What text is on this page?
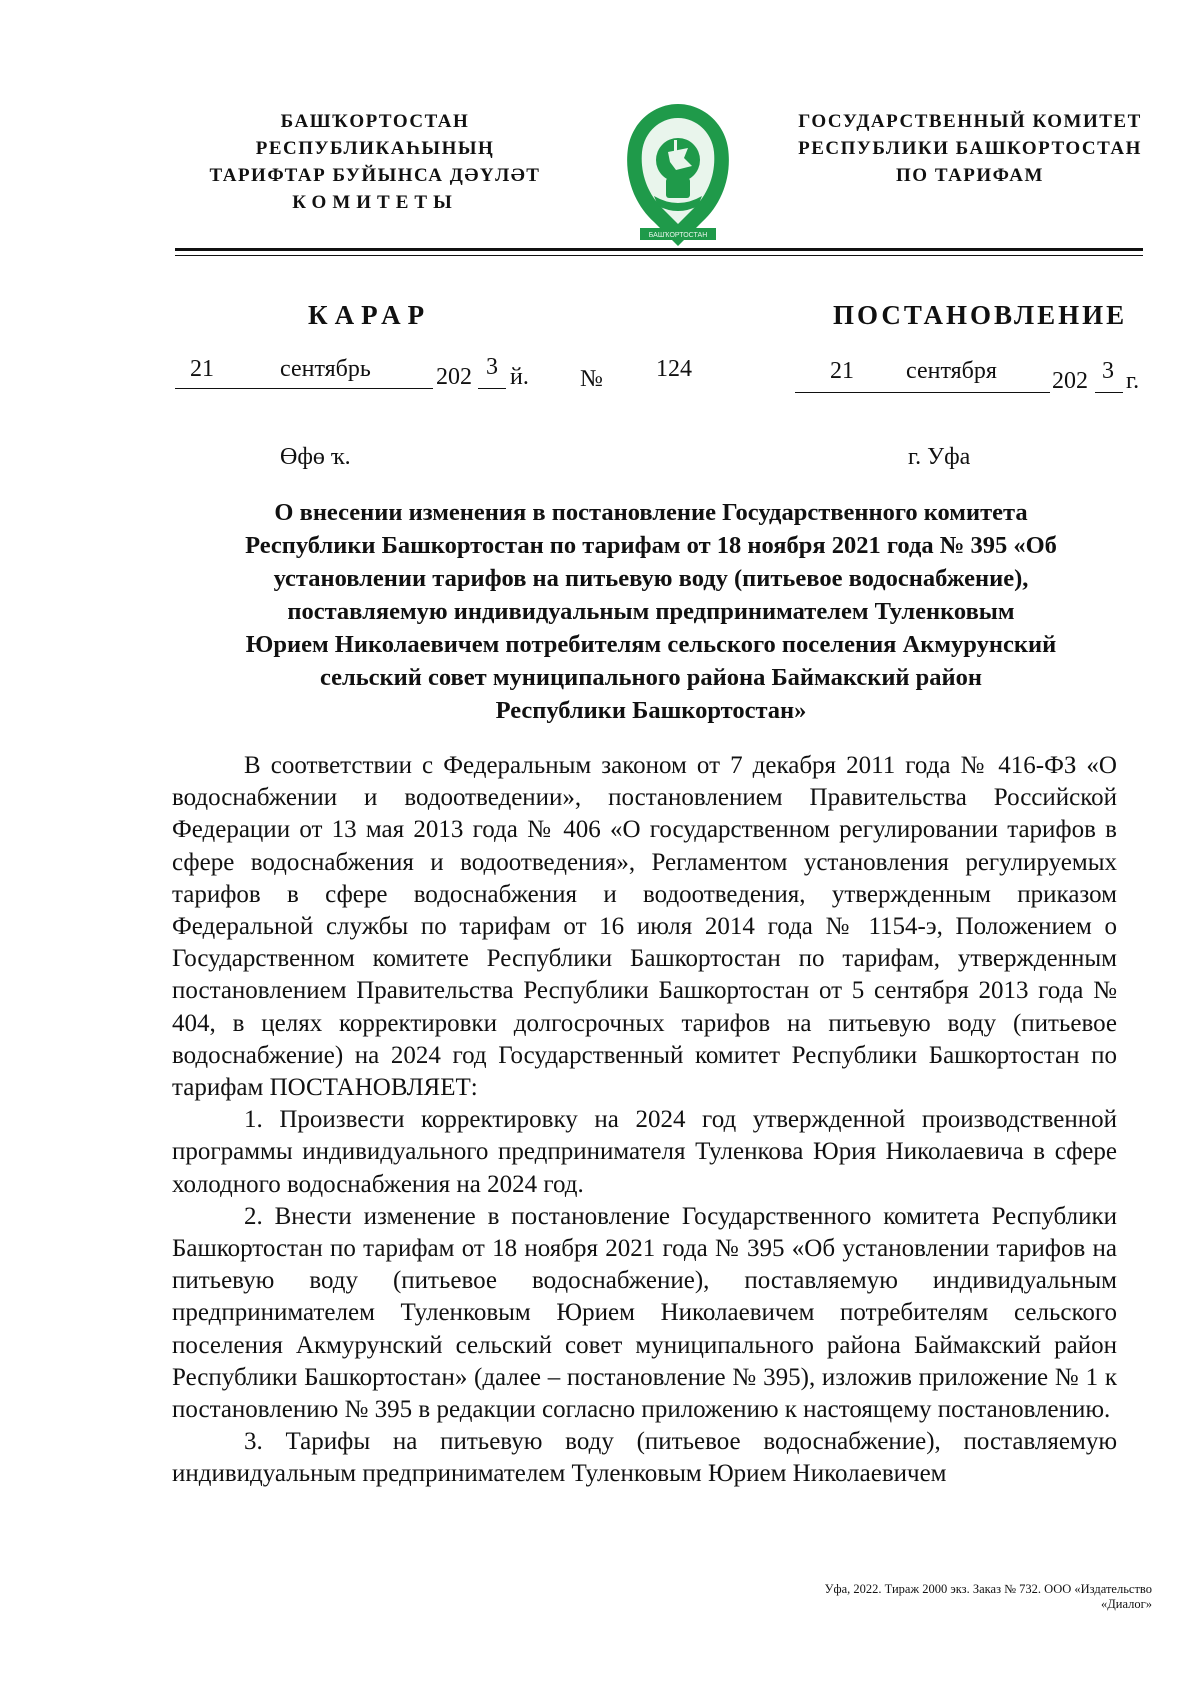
БАШҠОРТОСТАН РЕСПУБЛИКАҺЫНЫҢ
ТАРИФТАР БУЙЫНСА ДӘҮЛӘТ
КОМИТЕТЫ
БАШҠОРТОСТАН
ГОСУДАРСТВЕННЫЙ КОМИТЕТ
РЕСПУБЛИКИ БАШКОРТОСТАН
ПО ТАРИФАМ
КАРАР	ПОСТАНОВЛЕНИЕ
21	сентябрь	202 3 й. № 124	21 сентября 202 3 г.
Өфө ҡ.	г. Уфа
О внесении изменения в постановление Государственного комитета
Республики Башкортостан по тарифам от 18 ноября 2021 года № 395 «Об
установлении тарифов на питьевую воду (питьевое водоснабжение),
поставляемую индивидуальным предпринимателем Туленковым
Юрием Николаевичем потребителям сельского поселения Акмурунский
сельский совет муниципального района Баймакский район
Республики Башкортостан»

В соответствии с Федеральным законом от 7 декабря 2011 года № 416-ФЗ «О водоснабжении и водоотведении», постановлением Правительства Российской Федерации от 13 мая 2013 года № 406 «О государственном регулировании тарифов в сфере водоснабжения и водоотведения», Регламентом установления регулируемых тарифов в сфере водоснабжения и водоотведения, утвержденным приказом Федеральной службы по тарифам от 16 июля 2014 года № 1154-э, Положением о Государственном комитете Республики Башкортостан по тарифам, утвержденным постановлением Правительства Республики Башкортостан от 5 сентября 2013 года № 404, в целях корректировки долгосрочных тарифов на питьевую воду (питьевое водоснабжение) на 2024 год Государственный комитет Республики Башкортостан по тарифам ПОСТАНОВЛЯЕТ:

1. Произвести корректировку на 2024 год утвержденной производственной программы индивидуального предпринимателя Туленкова Юрия Николаевича в сфере холодного водоснабжения на 2024 год.

2. Внести изменение в постановление Государственного комитета Республики Башкортостан по тарифам от 18 ноября 2021 года № 395 «Об установлении тарифов на питьевую воду (питьевое водоснабжение), поставляемую индивидуальным предпринимателем Туленковым Юрием Николаевичем потребителям сельского поселения Акмурунский сельский совет муниципального района Баймакский район Республики Башкортостан» (далее – постановление № 395), изложив приложение № 1 к постановлению № 395 в редакции согласно приложению к настоящему постановлению.

3. Тарифы на питьевую воду (питьевое водоснабжение), поставляемую индивидуальным предпринимателем Туленковым Юрием Николаевичем

Уфа, 2022. Тираж 2000 экз. Заказ № 732. ООО «Издательство «Диалог»
